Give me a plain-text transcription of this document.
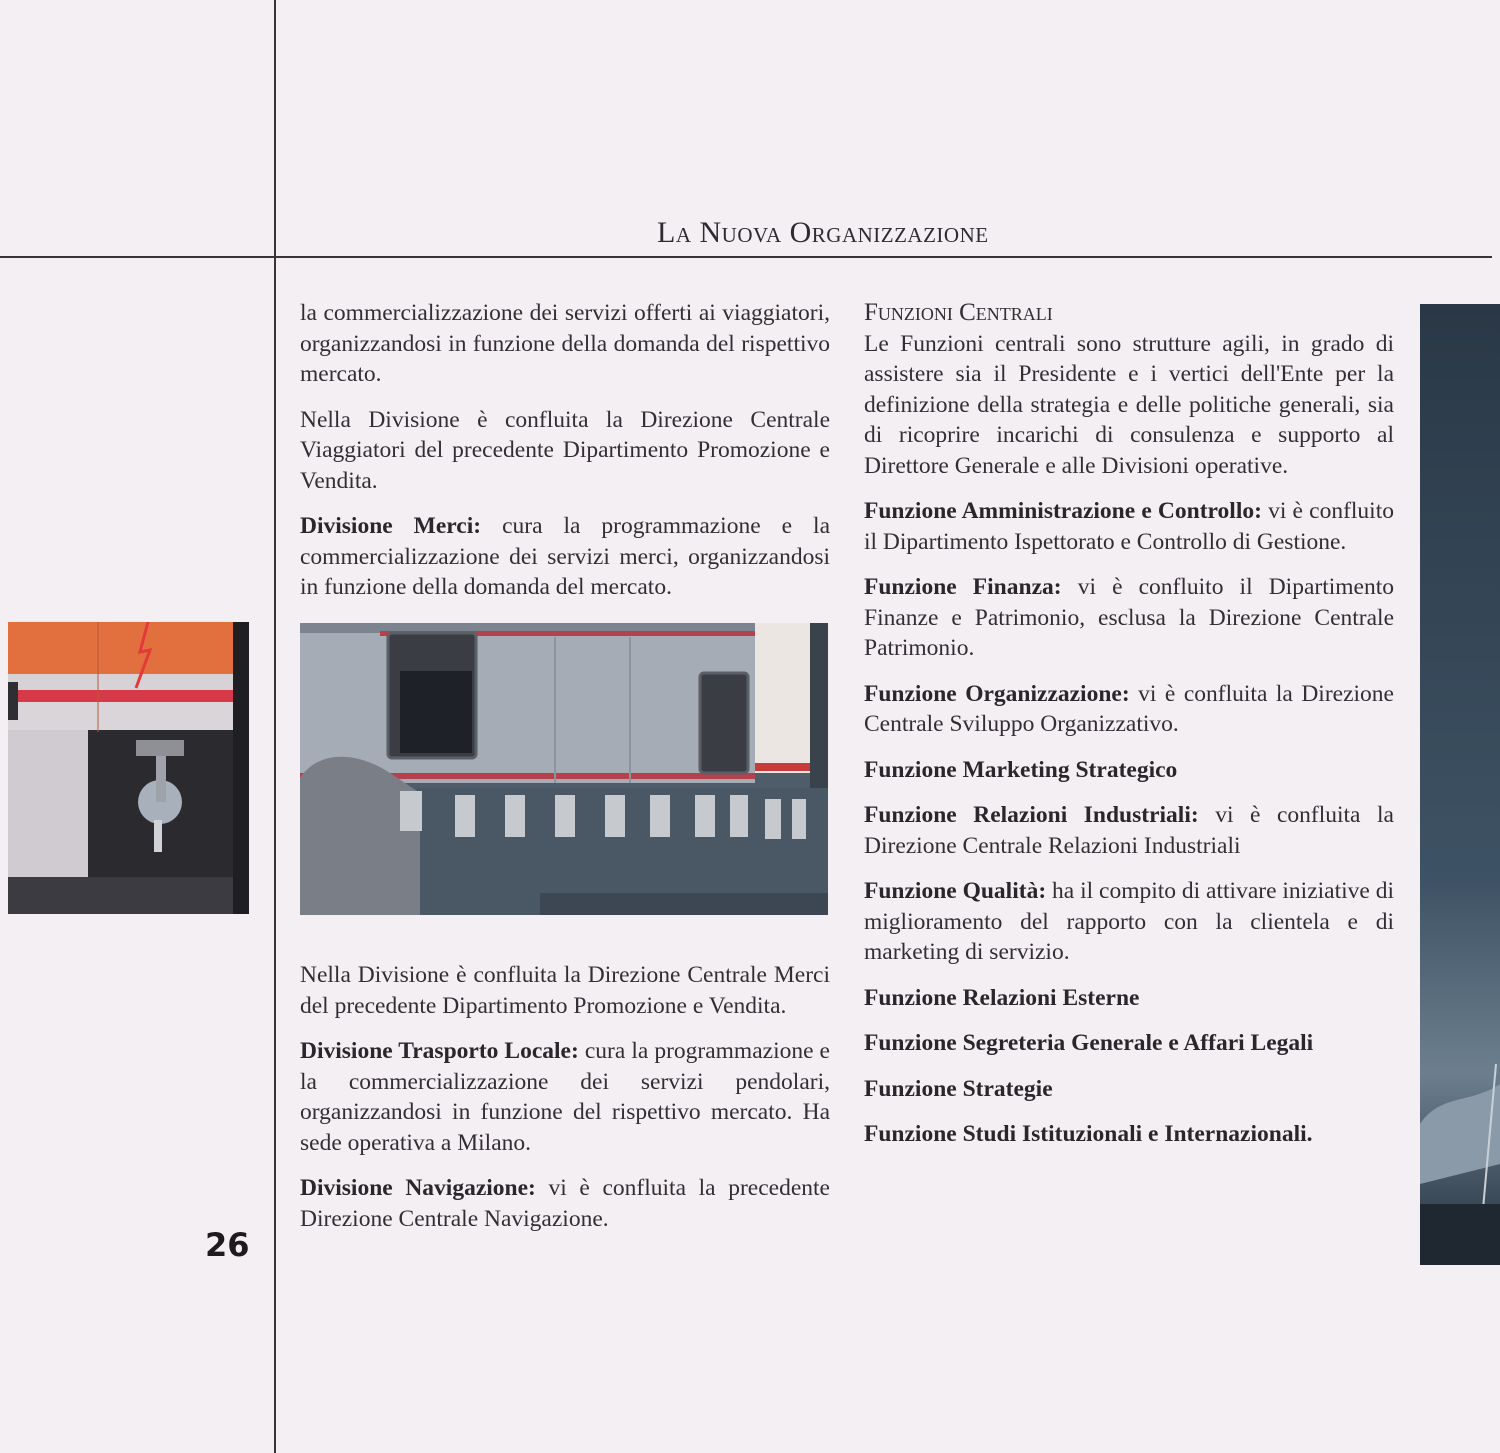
La Nuova Organizzazione

la commercializzazione dei servizi offerti ai viaggiatori, organizzandosi in funzione della domanda del rispettivo mercato.

Nella Divisione è confluita la Direzione Centrale Viaggiatori del precedente Dipartimento Promozione e Vendita.

Divisione Merci: cura la programmazione e la commercializzazione dei servizi merci, organizzandosi in funzione della domanda del mercato.

Nella Divisione è confluita la Direzione Centrale Merci del precedente Dipartimento Promozione e Vendita.

Divisione Trasporto Locale: cura la programmazione e la commercializzazione dei servizi pendolari, organizzandosi in funzione del rispettivo mercato. Ha sede operativa a Milano.

Divisione Navigazione: vi è confluita la precedente Direzione Centrale Navigazione.

26
Funzioni Centrali

Le Funzioni centrali sono strutture agili, in grado di assistere sia il Presidente e i vertici dell'Ente per la definizione della strategia e delle politiche generali, sia di ricoprire incarichi di consulenza e supporto al Direttore Generale e alle Divisioni operative.

Funzione Amministrazione e Controllo: vi è confluito il Dipartimento Ispettorato e Controllo di Gestione.

Funzione Finanza: vi è confluito il Dipartimento Finanze e Patrimonio, esclusa la Direzione Centrale Patrimonio.

Funzione Organizzazione: vi è confluita la Direzione Centrale Sviluppo Organizzativo.

Funzione Marketing Strategico

Funzione Relazioni Industriali: vi è confluita la Direzione Centrale Relazioni Industriali

Funzione Qualità: ha il compito di attivare iniziative di miglioramento del rapporto con la clientela e di marketing di servizio.

Funzione Relazioni Esterne

Funzione Segreteria Generale e Affari Legali

Funzione Strategie

Funzione Studi Istituzionali e Internazionali.
